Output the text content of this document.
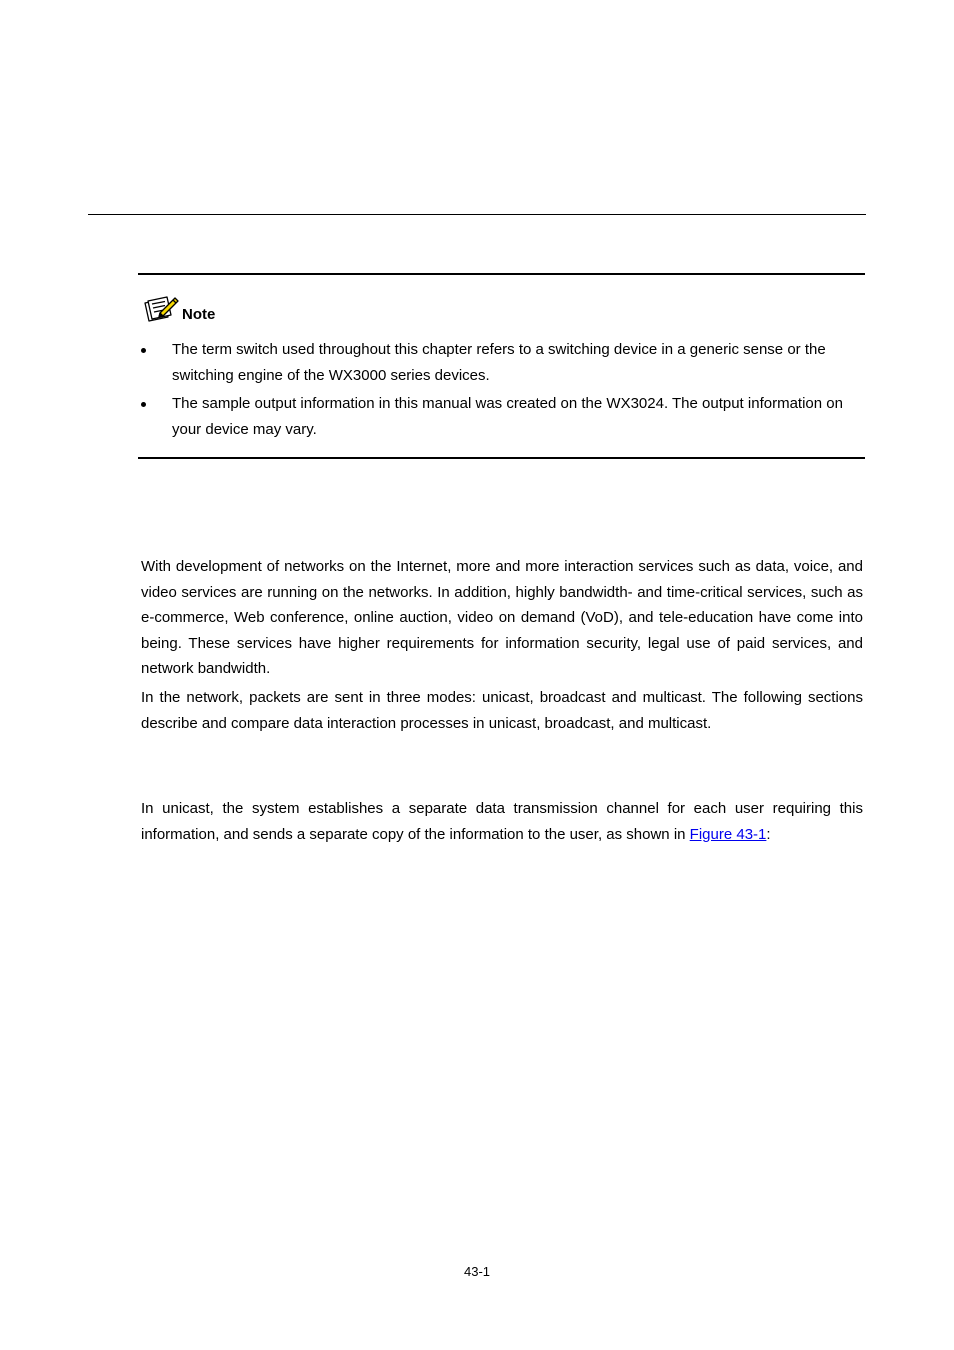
Note
The term switch used throughout this chapter refers to a switching device in a generic sense or the switching engine of the WX3000 series devices.
The sample output information in this manual was created on the WX3024. The output information on your device may vary.

With development of networks on the Internet, more and more interaction services such as data, voice, and video services are running on the networks. In addition, highly bandwidth- and time-critical services, such as e-commerce, Web conference, online auction, video on demand (VoD), and tele-education have come into being. These services have higher requirements for information security, legal use of paid services, and network bandwidth.

In the network, packets are sent in three modes: unicast, broadcast and multicast. The following sections describe and compare data interaction processes in unicast, broadcast, and multicast.

In unicast, the system establishes a separate data transmission channel for each user requiring this information, and sends a separate copy of the information to the user, as shown in Figure 43-1:

43-1
